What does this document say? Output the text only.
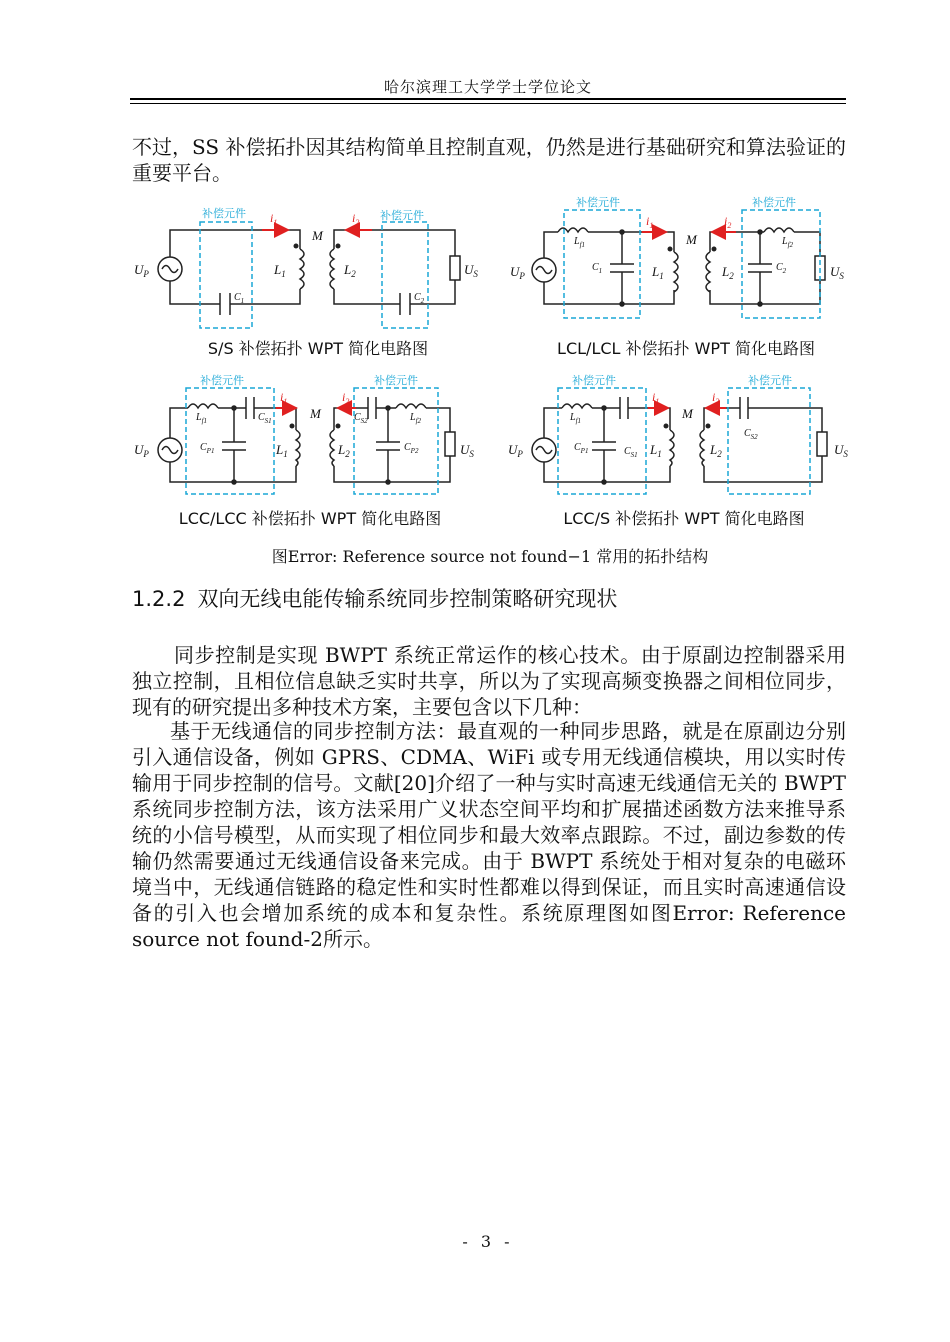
哈尔滨理工大学学士学位论文
不过，SS 补偿拓扑因其结构简单且控制直观，仍然是进行基础研究和算法验证的重要平台。
补偿元件	补偿元件
补偿元件	补偿元件
补偿元件	补偿元件	补偿元件	补偿元件
$i_1$	$i_2$	$i_1$	$i_2$
$i_1$	$i_2$	$i_1$	$i_2$
$U_P$	$L_1$
M
$L_2$	$U_S$
$C_1$	$C_2$
$U_P$
$L_{f1}$
$C_1$	$L_1$
M
$L_2$
$L_{f2}$
$C_2$	$U_S$
$U_P$
$L_{f1}$	$C_{S1}$
$C_{P1}$	$L_1$
M
$L_2$
$C_{S2}$	$L_{f2}$
$C_{P2}$	$U_S$	$U_P$
$L_{f1}$
$C_{S1}$
$C_{P1}$	$L_1$
M
$L_2$
$C_{S2}$
$U_S$
S/S 补偿拓扑 WPT 简化电路图	LCL/LCL 补偿拓扑 WPT 简化电路图
LCC/LCC 补偿拓扑 WPT 简化电路图	LCC/S 补偿拓扑 WPT 简化电路图
图Error: Reference source not found−1 常用的拓扑结构
1.2.2 双向无线电能传输系统同步控制策略研究现状
同步控制是实现 BWPT 系统正常运作的核心技术。由于原副边控制器采用独立控制，且相位信息缺乏实时共享，所以为了实现高频变换器之间相位同步，现有的研究提出多种技术方案，主要包含以下几种：
基于无线通信的同步控制方法：最直观的一种同步思路，就是在原副边分别引入通信设备，例如 GPRS、CDMA、WiFi 或专用无线通信模块，用以实时传输用于同步控制的信号。文献[20]介绍了一种与实时高速无线通信无关的 BWPT 系统同步控制方法，该方法采用广义状态空间平均和扩展描述函数方法来推导系统的小信号模型，从而实现了相位同步和最大效率点跟踪。不过，副边参数的传输仍然需要通过无线通信设备来完成。由于 BWPT 系统处于相对复杂的电磁环境当中，无线通信链路的稳定性和实时性都难以得到保证，而且实时高速通信设备的引入也会增加系统的成本和复杂性。系统原理图如图Error: Reference source not found-2所示。
- 3 -
